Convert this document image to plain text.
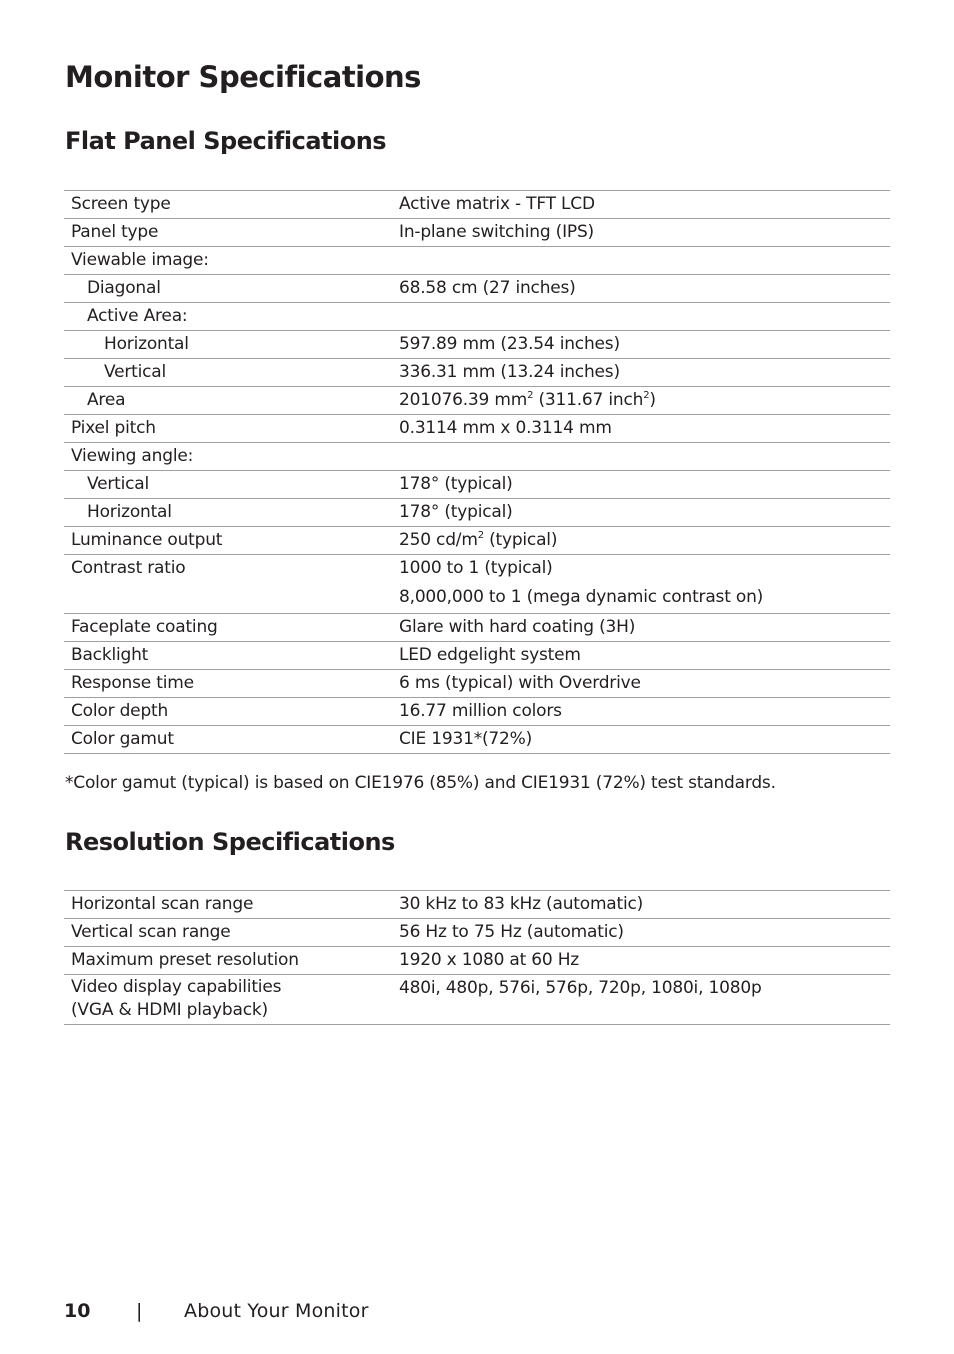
Monitor Specifications
Flat Panel Specifications
Screen type	Active matrix - TFT LCD
Panel type	In-plane switching (IPS)
Viewable image:	
Diagonal	68.58 cm (27 inches)
Active Area:	
Horizontal	597.89 mm (23.54 inches)
Vertical	336.31 mm (13.24 inches)
Area	201076.39 $mm^2$ (311.67 inch$^2$)
Pixel pitch	0.3114 mm x 0.3114 mm
Viewing angle:	
Vertical	178° (typical)
Horizontal	178° (typical)
Luminance output	250 $cd/m^2$ (typical)
Contrast ratio	1000 to 1 (typical)
8,000,000 to 1 (mega dynamic contrast on)

Faceplate coating	Glare with hard coating (3H)
Backlight	LED edgelight system
Response time	6 ms (typical) with Overdrive
Color depth	16.77 million colors
Color gamut	CIE 1931*(72%)

*Color gamut (typical) is based on CIE1976 (85%) and CIE1931 (72%) test standards.

Resolution Specifications
Horizontal scan range	30 kHz to 83 kHz (automatic)
Vertical scan range	56 Hz to 75 Hz (automatic)
Maximum preset resolution	1920 x 1080 at 60 Hz

Video display capabilities
(VGA & HDMI playback)	480i, 480p, 576i, 576p, 720p, 1080i, 1080p
10 | About Your Monitor
